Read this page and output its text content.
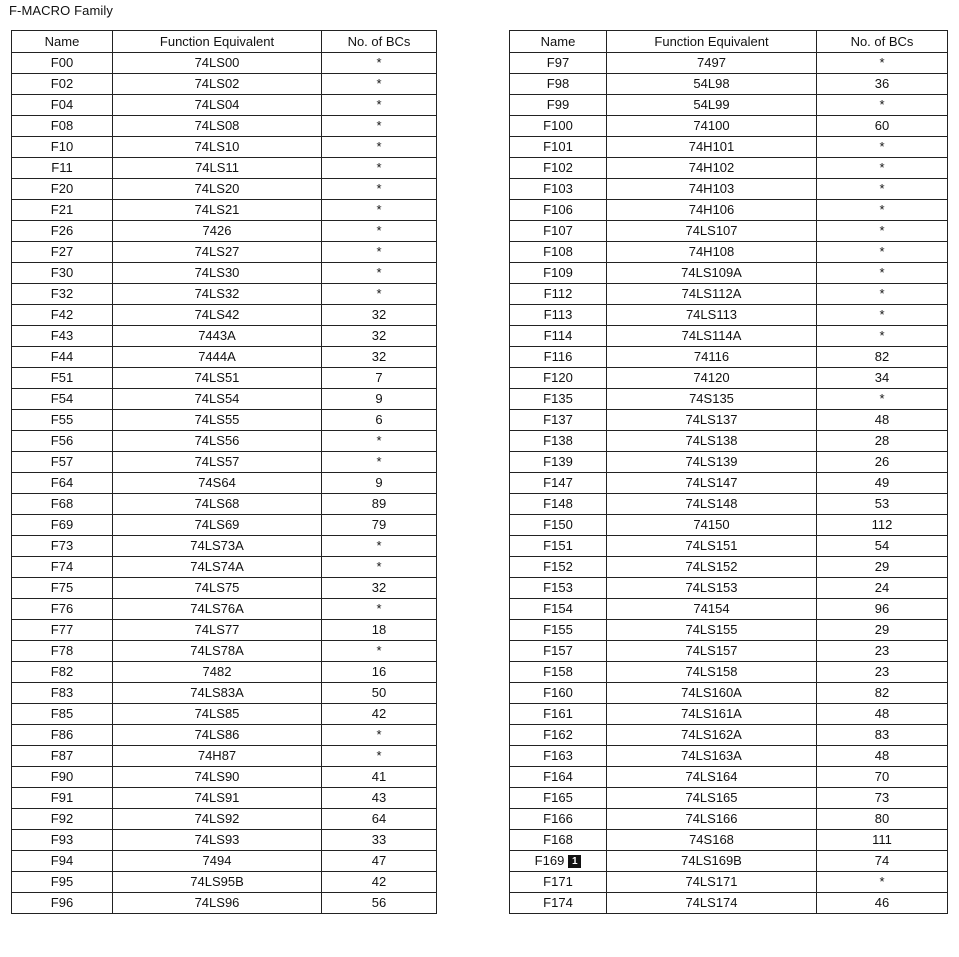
F-MACRO Family
Name	Function Equivalent	No. of BCs
F00	74LS00	*
F02	74LS02	*
F04	74LS04	*
F08	74LS08	*
F10	74LS10	*
F11	74LS11	*
F20	74LS20	*
F21	74LS21	*
F26	7426	*
F27	74LS27	*
F30	74LS30	*
F32	74LS32	*
F42	74LS42	32
F43	7443A	32
F44	7444A	32
F51	74LS51	7
F54	74LS54	9
F55	74LS55	6
F56	74LS56	*
F57	74LS57	*
F64	74S64	9
F68	74LS68	89
F69	74LS69	79
F73	74LS73A	*
F74	74LS74A	*
F75	74LS75	32
F76	74LS76A	*
F77	74LS77	18
F78	74LS78A	*
F82	7482	16
F83	74LS83A	50
F85	74LS85	42
F86	74LS86	*
F87	74H87	*
F90	74LS90	41
F91	74LS91	43
F92	74LS92	64
F93	74LS93	33
F94	7494	47
F95	74LS95B	42
F96	74LS96	56
Name	Function Equivalent	No. of BCs
F97	7497	*
F98	54L98	36
F99	54L99	*
F100	74100	60
F101	74H101	*
F102	74H102	*
F103	74H103	*
F106	74H106	*
F107	74LS107	*
F108	74H108	*
F109	74LS109A	*
F112	74LS112A	*
F113	74LS113	*
F114	74LS114A	*
F116	74116	82
F120	74120	34
F135	74S135	*
F137	74LS137	48
F138	74LS138	28
F139	74LS139	26
F147	74LS147	49
F148	74LS148	53
F150	74150	112
F151	74LS151	54
F152	74LS152	29
F153	74LS153	24
F154	74154	96
F155	74LS155	29
F157	74LS157	23
F158	74LS158	23
F160	74LS160A	82
F161	74LS161A	48
F162	74LS162A	83
F163	74LS163A	48
F164	74LS164	70
F165	74LS165	73
F166	74LS166	80
F168	74S168	111
F169 1	74LS169B	74
F171	74LS171	*
F174	74LS174	46
